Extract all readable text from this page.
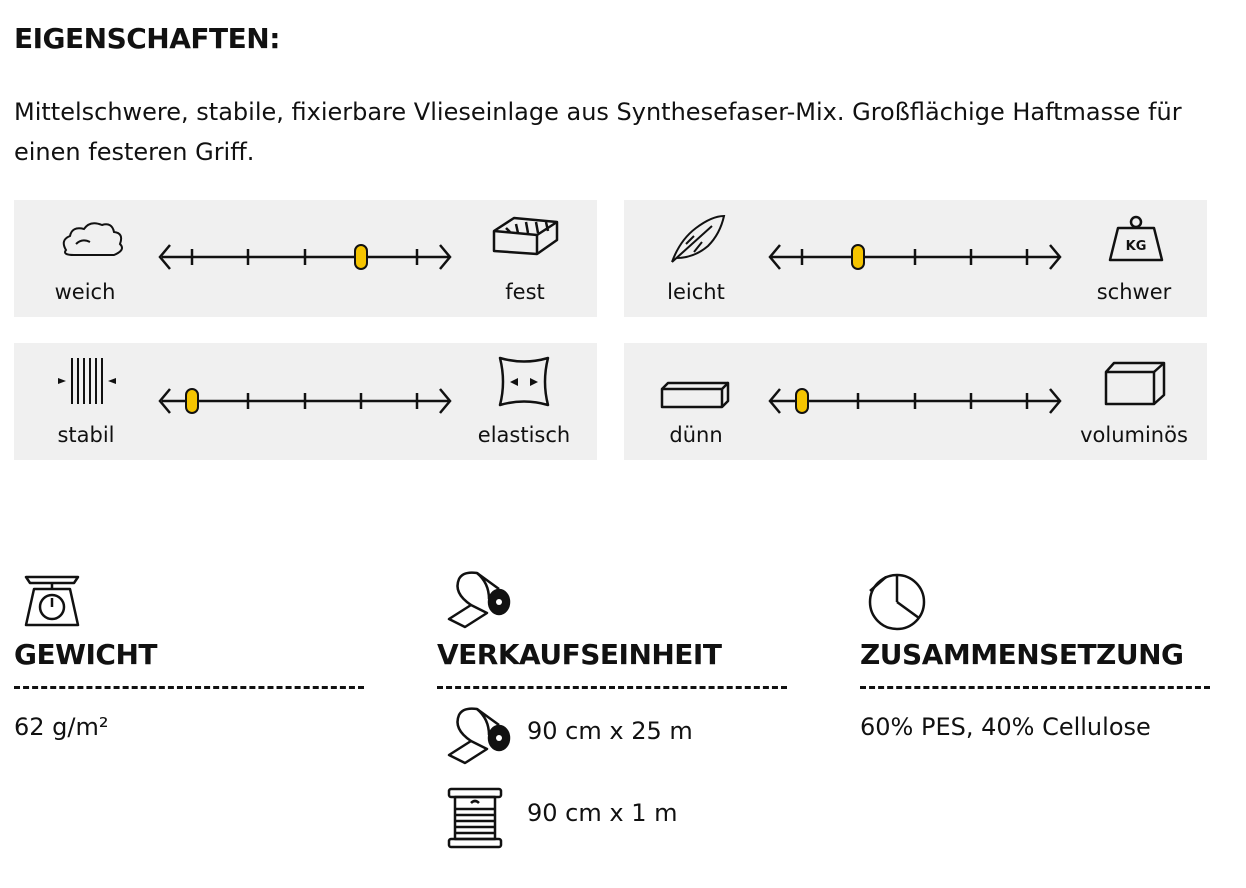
EIGENSCHAFTEN:
Mittelschwere, stabile, fixierbare Vlieseinlage aus Synthesefaser-Mix. Großflächige Haftmasse für einen festeren Griff.
weich	fest
KG
leicht	schwer
stabil	elastisch	dünn	voluminös
GEWICHT
62 g/m²
VERKAUFSEINHEIT
90 cm x 25 m
90 cm x 1 m
ZUSAMMENSETZUNG
60% PES, 40% Cellulose
